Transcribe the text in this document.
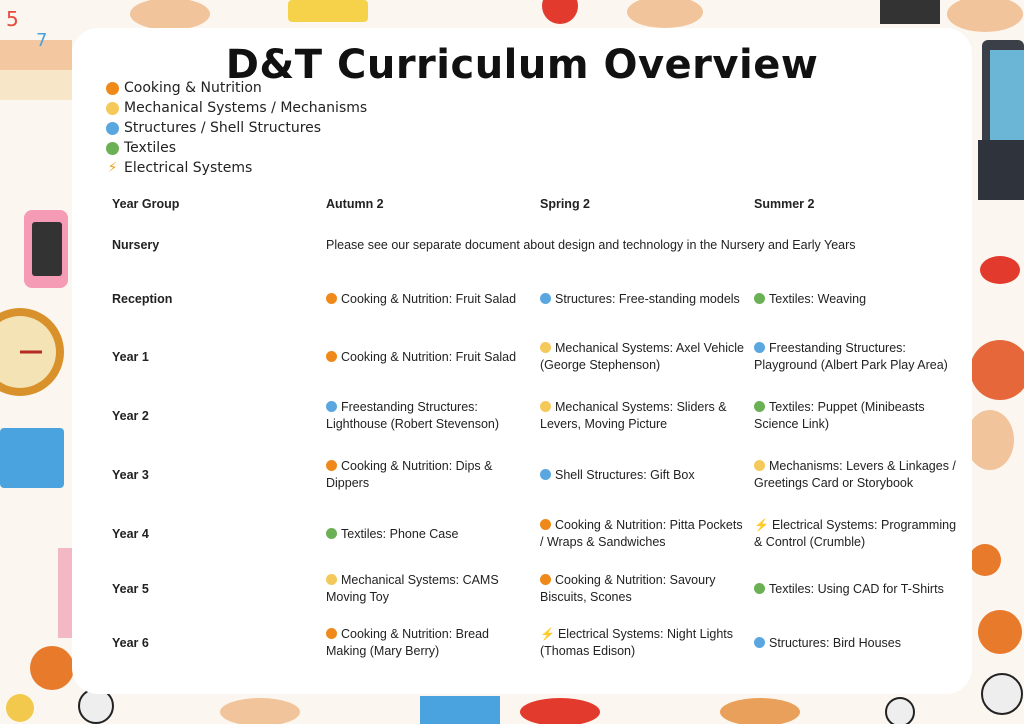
5
7
D&T Curriculum Overview
Cooking & Nutrition
Mechanical Systems / Mechanisms
Structures / Shell Structures
Textiles
⚡ Electrical Systems
Year Group	Autumn 2	Spring 2	Summer 2
Nursery	Please see our separate document about design and technology in the Nursery and Early Years		
Reception	Cooking & Nutrition: Fruit Salad	Structures: Free-standing models	Textiles: Weaving
Year 1	Cooking & Nutrition: Fruit Salad	Mechanical Systems: Axel Vehicle (George Stephenson)	Freestanding Structures: Playground (Albert Park Play Area)
Year 2	Freestanding Structures: Lighthouse (Robert Stevenson)	Mechanical Systems: Sliders & Levers, Moving Picture	Textiles: Puppet (Minibeasts Science Link)
Year 3	Cooking & Nutrition: Dips & Dippers	Shell Structures: Gift Box	Mechanisms: Levers & Linkages / Greetings Card or Storybook
Year 4	Textiles: Phone Case	Cooking & Nutrition: Pitta Pockets / Wraps & Sandwiches	⚡ Electrical Systems: Programming & Control (Crumble)
Year 5	Mechanical Systems: CAMS Moving Toy	Cooking & Nutrition: Savoury Biscuits, Scones	Textiles: Using CAD for T-Shirts
Year 6	Cooking & Nutrition: Bread Making (Mary Berry)	⚡ Electrical Systems: Night Lights (Thomas Edison)	Structures: Bird Houses
